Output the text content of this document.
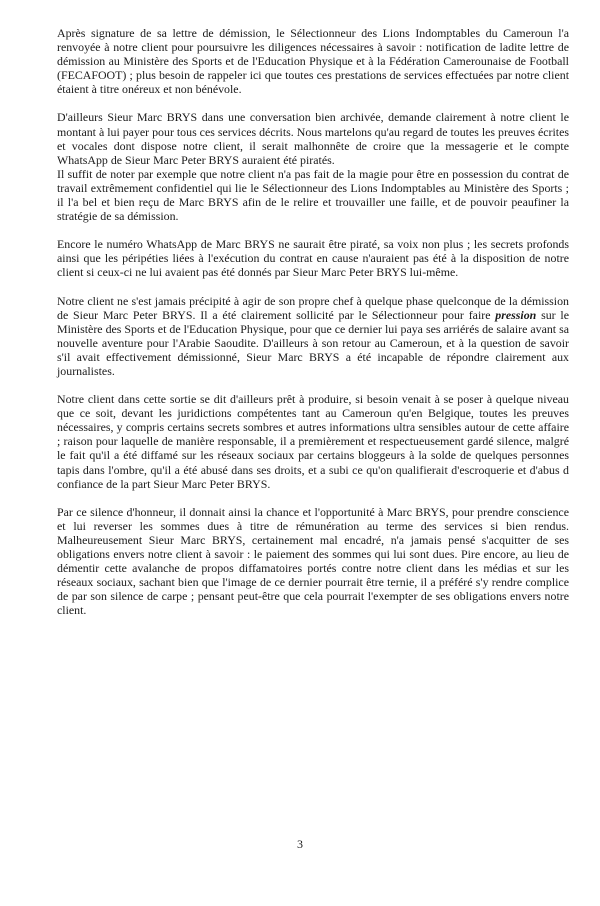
Après signature de sa lettre de démission, le Sélectionneur des Lions Indomptables du Cameroun l'a renvoyée à notre client pour poursuivre les diligences nécessaires à savoir : notification de ladite lettre de démission au Ministère des Sports et de l'Education Physique et à la Fédération Camerounaise de Football (FECAFOOT) ; plus besoin de rappeler ici que toutes ces prestations de services effectuées par notre client étaient à titre onéreux et non bénévole.

D'ailleurs Sieur Marc BRYS dans une conversation bien archivée, demande clairement à notre client le montant à lui payer pour tous ces services décrits. Nous martelons qu'au regard de toutes les preuves écrites et vocales dont dispose notre client, il serait malhonnête de croire que la messagerie et le compte WhatsApp de Sieur Marc Peter BRYS auraient été piratés.

Il suffit de noter par exemple que notre client n'a pas fait de la magie pour être en possession du contrat de travail extrêmement confidentiel qui lie le Sélectionneur des Lions Indomptables au Ministère des Sports ; il l'a bel et bien reçu de Marc BRYS afin de le relire et trouvailler une faille, et de pouvoir peaufiner la stratégie de sa démission.

Encore le numéro WhatsApp de Marc BRYS ne saurait être piraté, sa voix non plus ; les secrets profonds ainsi que les péripéties liées à l'exécution du contrat en cause n'auraient pas été à la disposition de notre client si ceux-ci ne lui avaient pas été donnés par Sieur Marc Peter BRYS lui-même.

Notre client ne s'est jamais précipité à agir de son propre chef à quelque phase quelconque de la démission de Sieur Marc Peter BRYS. Il a été clairement sollicité par le Sélectionneur pour faire pression sur le Ministère des Sports et de l'Education Physique, pour que ce dernier lui paya ses arriérés de salaire avant sa nouvelle aventure pour l'Arabie Saoudite. D'ailleurs à son retour au Cameroun, et à la question de savoir s'il avait effectivement démissionné, Sieur Marc BRYS a été incapable de répondre clairement aux journalistes.

Notre client dans cette sortie se dit d'ailleurs prêt à produire, si besoin venait à se poser à quelque niveau que ce soit, devant les juridictions compétentes tant au Cameroun qu'en Belgique, toutes les preuves nécessaires, y compris certains secrets sombres et autres informations ultra sensibles autour de cette affaire ; raison pour laquelle de manière responsable, il a premièrement et respectueusement gardé silence, malgré le fait qu'il a été diffamé sur les réseaux sociaux par certains bloggeurs à la solde de quelques personnes tapis dans l'ombre, qu'il a été abusé dans ses droits, et a subi ce qu'on qualifierait d'escroquerie et d'abus d confiance de la part Sieur Marc Peter BRYS.

Par ce silence d'honneur, il donnait ainsi la chance et l'opportunité à Marc BRYS, pour prendre conscience et lui reverser les sommes dues à titre de rémunération au terme des services si bien rendus. Malheureusement Sieur Marc BRYS, certainement mal encadré, n'a jamais pensé s'acquitter de ses obligations envers notre client à savoir : le paiement des sommes qui lui sont dues. Pire encore, au lieu de démentir cette avalanche de propos diffamatoires portés contre notre client dans les médias et sur les réseaux sociaux, sachant bien que l'image de ce dernier pourrait être ternie, il a préféré s'y rendre complice de par son silence de carpe ; pensant peut-être que cela pourrait l'exempter de ses obligations envers notre client.

3
